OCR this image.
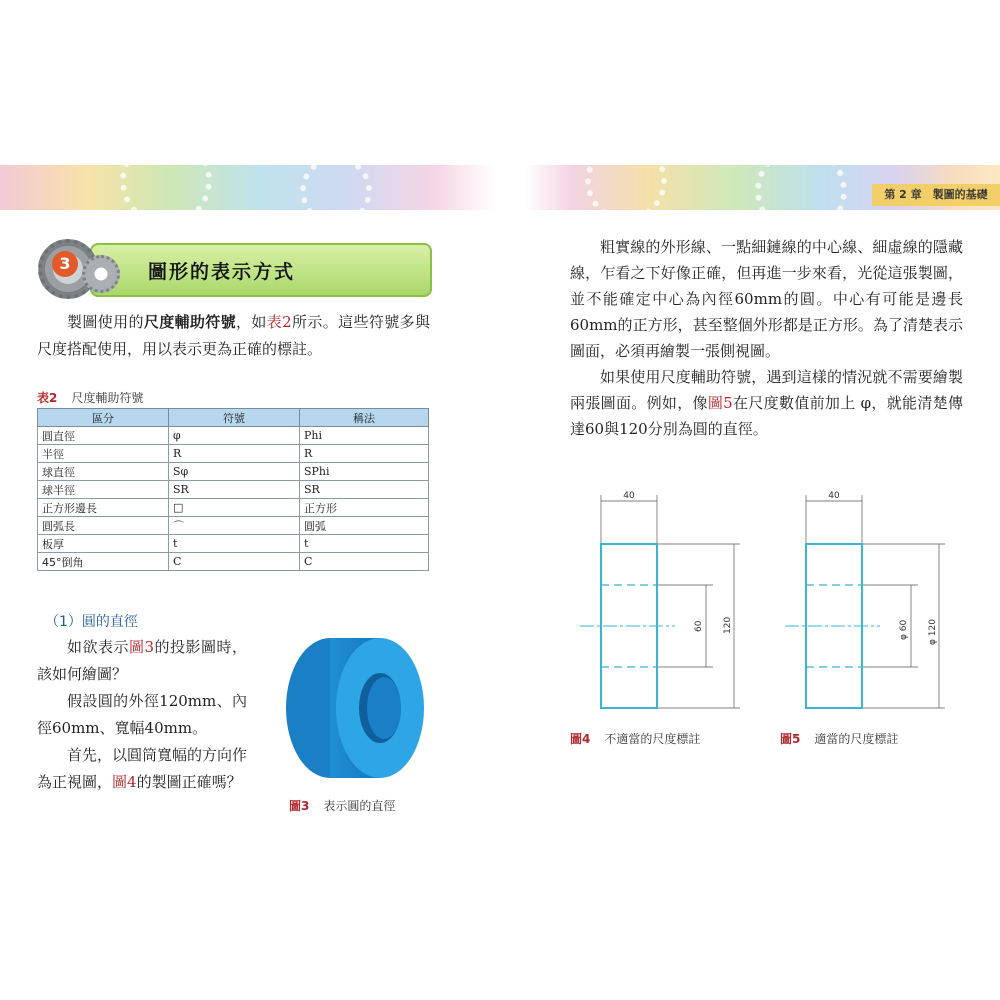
第 2 章　製圖的基礎
3	圖形的表示方式

製圖使用的尺度輔助符號，如表2所示。這些符號多與尺度搭配使用，用以表示更為正確的標註。

表2 尺度輔助符號
區分	符號	稱法
圓直徑	φ	Phi
半徑	R	R
球直徑	Sφ	SPhi
球半徑	SR	SR
正方形邊長	□	正方形
圓弧長	⌒	圓弧
板厚	t	t
45°倒角	C	C
（1）圓的直徑

如欲表示圖3的投影圖時，該如何繪圖？

假設圓的外徑120mm、內徑60mm、寬幅40mm。

首先，以圓筒寬幅的方向作為正視圖，圖4的製圖正確嗎？

圖3 表示圓的直徑

粗實線的外形線、一點細鏈線的中心線、細虛線的隱藏線，乍看之下好像正確，但再進一步來看，光從這張製圖，並不能確定中心為內徑60mm的圓。中心有可能是邊長60mm的正方形，甚至整個外形都是正方形。為了清楚表示圖面，必須再繪製一張側視圖。

如果使用尺度輔助符號，遇到這樣的情況就不需要繪製兩張圖面。例如，像圖5在尺度數值前加上 φ，就能清楚傳達60與120分別為圓的直徑。

40
60 120
圖4 不適當的尺度標註
40
φ 60 φ 120
圖5 適當的尺度標註
